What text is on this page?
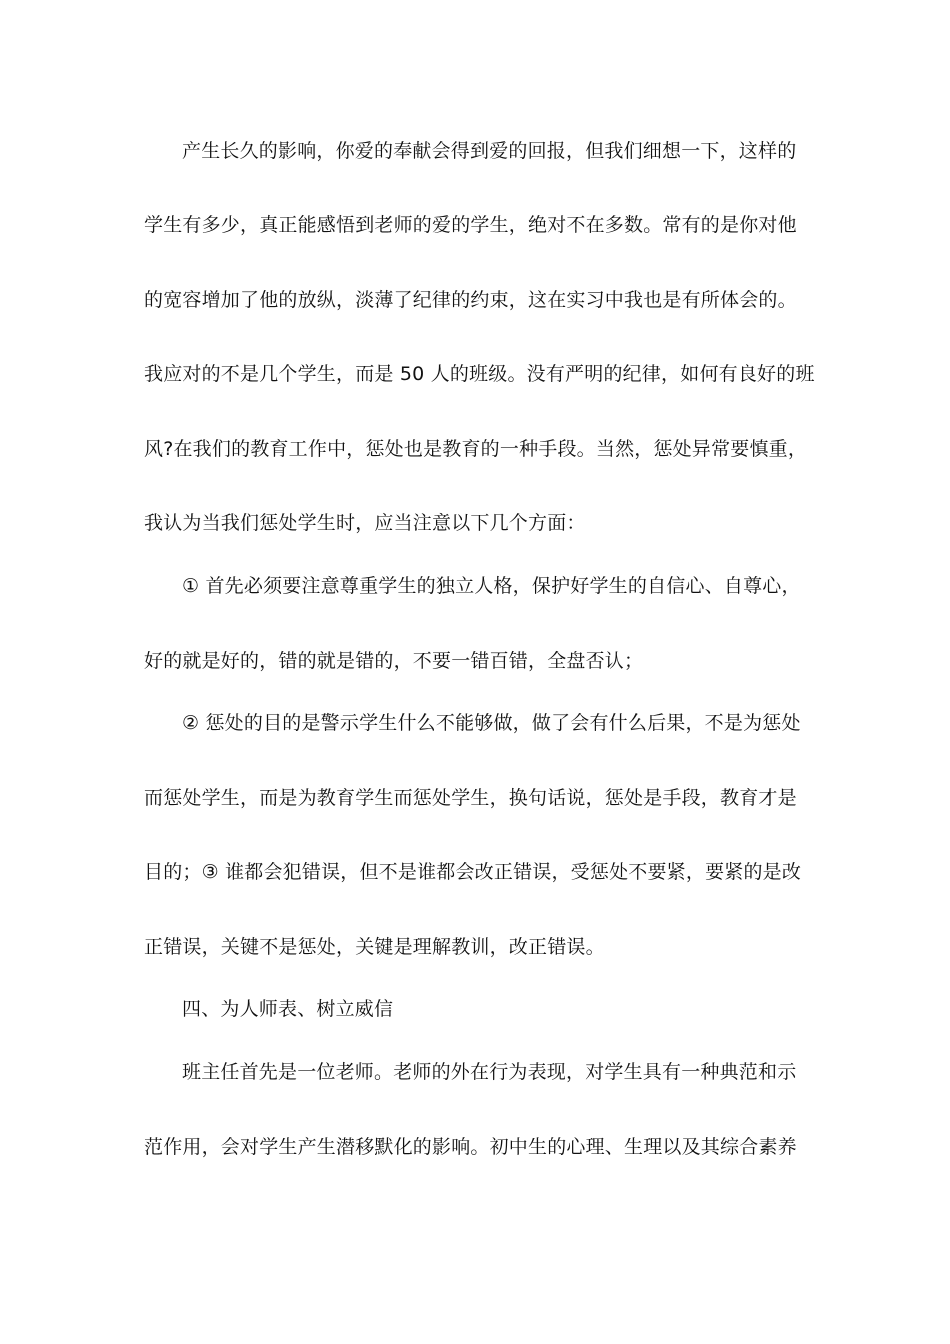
产生长久的影响，你爱的奉献会得到爱的回报，但我们细想一下，这样的
学生有多少，真正能感悟到老师的爱的学生，绝对不在多数。常有的是你对他
的宽容增加了他的放纵，淡薄了纪律的约束，这在实习中我也是有所体会的。
我应对的不是几个学生，而是 50 人的班级。没有严明的纪律，如何有良好的班
风?在我们的教育工作中，惩处也是教育的一种手段。当然，惩处异常要慎重，
我认为当我们惩处学生时，应当注意以下几个方面：
① 首先必须要注意尊重学生的独立人格，保护好学生的自信心、自尊心，
好的就是好的，错的就是错的，不要一错百错，全盘否认；
② 惩处的目的是警示学生什么不能够做，做了会有什么后果，不是为惩处
而惩处学生，而是为教育学生而惩处学生，换句话说，惩处是手段，教育才是
目的；③ 谁都会犯错误，但不是谁都会改正错误，受惩处不要紧，要紧的是改
正错误，关键不是惩处，关键是理解教训，改正错误。
四、为人师表、树立威信
班主任首先是一位老师。老师的外在行为表现，对学生具有一种典范和示
范作用，会对学生产生潜移默化的影响。初中生的心理、生理以及其综合素养
